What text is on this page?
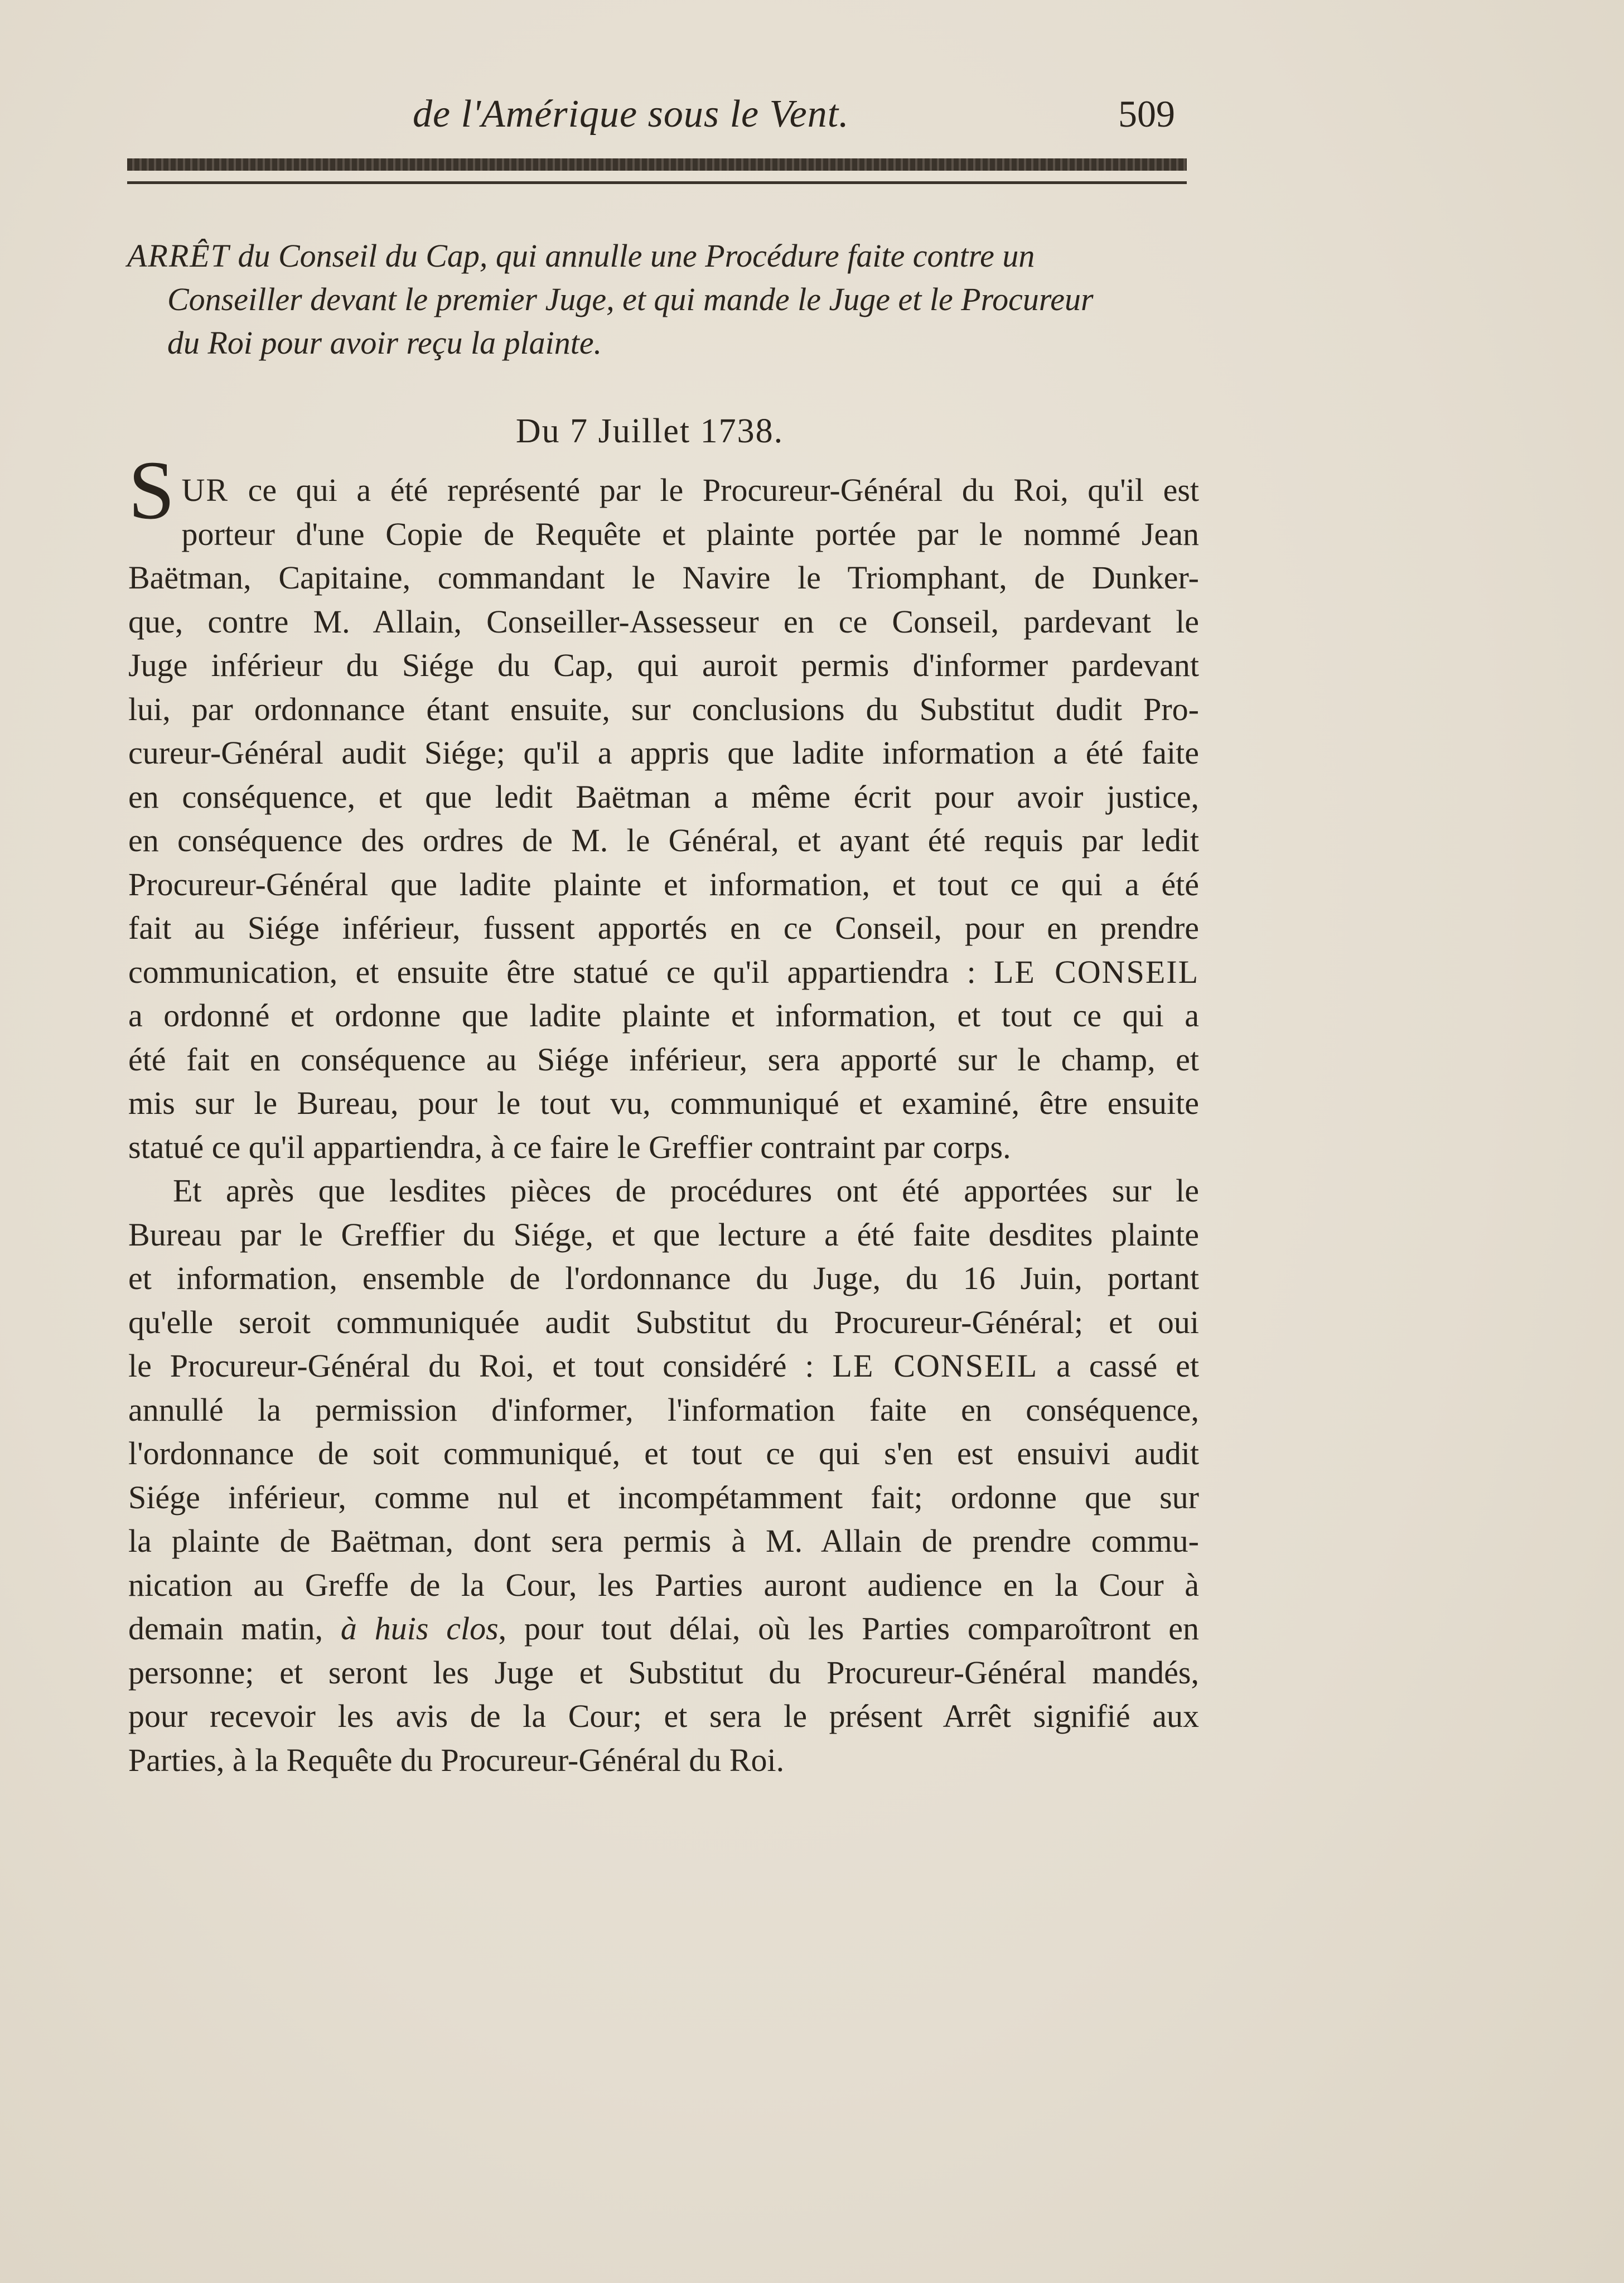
de l'Amérique sous le Vent.	509
ARRÊT du Conseil du Cap, qui annulle une Procédure faite contre un
Conseiller devant le premier Juge, et qui mande le Juge et le Procureur
du Roi pour avoir reçu la plainte.
Du 7 Juillet 1738.
SUR ce qui a été représenté par le Procureur-Général du Roi, qu'il est
porteur d'une Copie de Requête et plainte portée par le nommé Jean
Baëtman, Capitaine, commandant le Navire le Triomphant, de Dunker-
que, contre M. Allain, Conseiller-Assesseur en ce Conseil, pardevant le
Juge inférieur du Siége du Cap, qui auroit permis d'informer pardevant
lui, par ordonnance étant ensuite, sur conclusions du Substitut dudit Pro-
cureur-Général audit Siége; qu'il a appris que ladite information a été faite
en conséquence, et que ledit Baëtman a même écrit pour avoir justice,
en conséquence des ordres de M. le Général, et ayant été requis par ledit
Procureur-Général que ladite plainte et information, et tout ce qui a été
fait au Siége inférieur, fussent apportés en ce Conseil, pour en prendre
communication, et ensuite être statué ce qu'il appartiendra : LE CONSEIL
a ordonné et ordonne que ladite plainte et information, et tout ce qui a
été fait en conséquence au Siége inférieur, sera apporté sur le champ, et
mis sur le Bureau, pour le tout vu, communiqué et examiné, être ensuite
statué ce qu'il appartiendra, à ce faire le Greffier contraint par corps.
Et après que lesdites pièces de procédures ont été apportées sur le
Bureau par le Greffier du Siége, et que lecture a été faite desdites plainte
et information, ensemble de l'ordonnance du Juge, du 16 Juin, portant
qu'elle seroit communiquée audit Substitut du Procureur-Général; et oui
le Procureur-Général du Roi, et tout considéré : LE CONSEIL a cassé et
annullé la permission d'informer, l'information faite en conséquence,
l'ordonnance de soit communiqué, et tout ce qui s'en est ensuivi audit
Siége inférieur, comme nul et incompétamment fait; ordonne que sur
la plainte de Baëtman, dont sera permis à M. Allain de prendre commu-
nication au Greffe de la Cour, les Parties auront audience en la Cour à
demain matin, à huis clos, pour tout délai, où les Parties comparoîtront en
personne; et seront les Juge et Substitut du Procureur-Général mandés,
pour recevoir les avis de la Cour; et sera le présent Arrêt signifié aux
Parties, à la Requête du Procureur-Général du Roi.
